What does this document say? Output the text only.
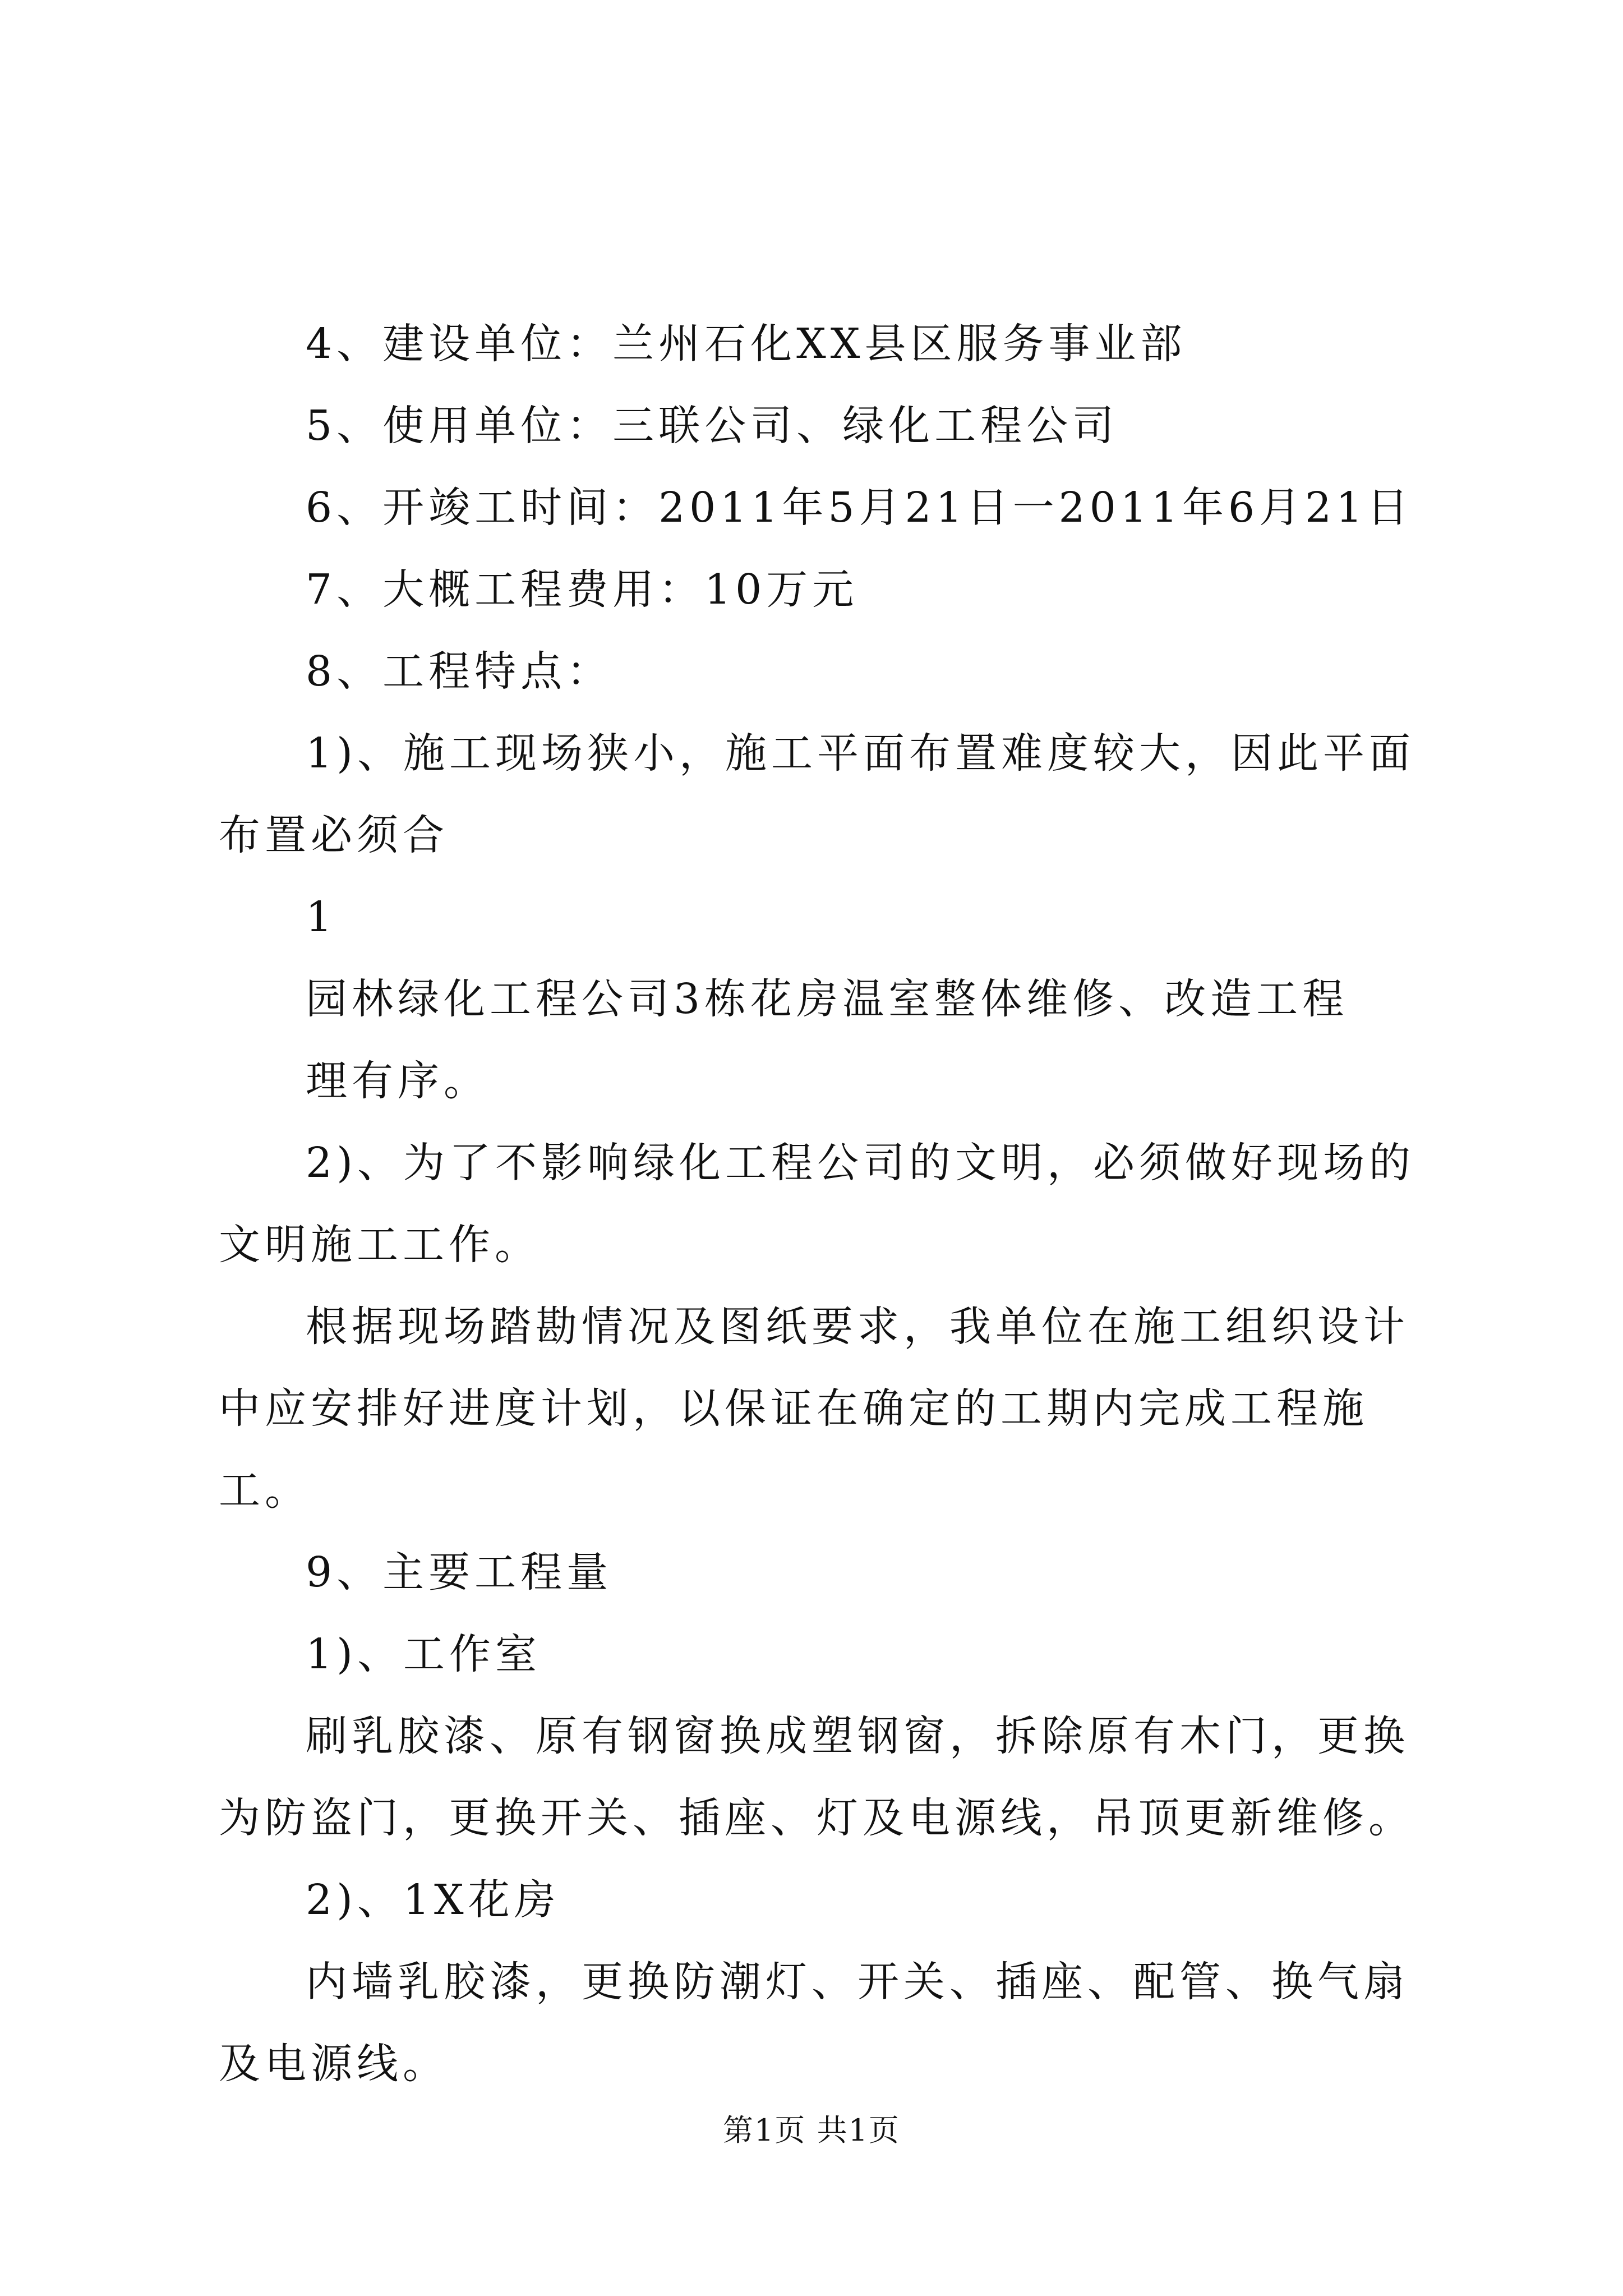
4、建设单位：兰州石化XX县区服务事业部

5、使用单位：三联公司、绿化工程公司

6、开竣工时间：2011年5月21日一2011年6月21日

7、大概工程费用：10万元

8、工程特点：

1)、施工现场狭小，施工平面布置难度较大，因此平面布置必须合

1

园林绿化工程公司3栋花房温室整体维修、改造工程

理有序。

2)、为了不影响绿化工程公司的文明，必须做好现场的文明施工工作。

根据现场踏勘情况及图纸要求，我单位在施工组织设计中应安排好进度计划，以保证在确定的工期内完成工程施工。

9、主要工程量

1)、工作室

刷乳胶漆、原有钢窗换成塑钢窗，拆除原有木门，更换为防盗门，更换开关、插座、灯及电源线，吊顶更新维修。

2)、1X花房

内墙乳胶漆，更换防潮灯、开关、插座、配管、换气扇及电源线。

第1页 共1页
